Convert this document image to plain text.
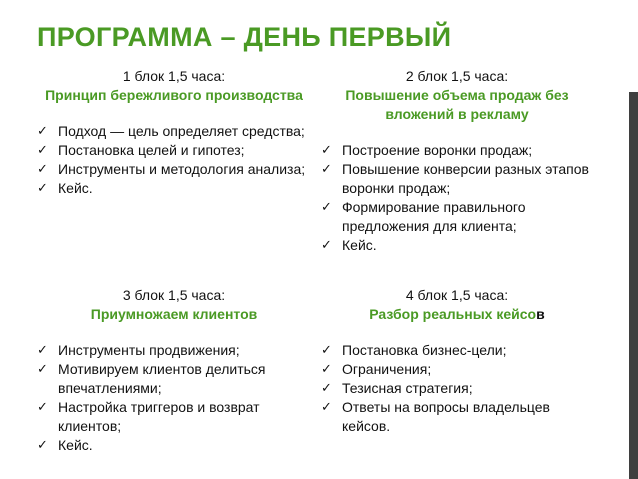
ПРОГРАММА – ДЕНЬ ПЕРВЫЙ
1 блок 1,5 часа:
Принцип бережливого производства
✓ Подход — цель определяет средства;
✓ Постановка целей и гипотез;
✓ Инструменты и методология анализа;
✓ Кейс.
2 блок 1,5 часа:
Повышение объема продаж без вложений в рекламу
✓ Построение воронки продаж;
✓ Повышение конверсии разных этапов воронки продаж;
✓ Формирование правильного предложения для клиента;
✓ Кейс.
3 блок 1,5 часа:
Приумножаем клиентов
✓ Инструменты продвижения;
✓ Мотивируем клиентов делиться впечатлениями;
✓ Настройка триггеров и возврат клиентов;
✓ Кейс.
4 блок 1,5 часа:
Разбор реальных кейсов
✓ Постановка бизнес-цели;
✓ Ограничения;
✓ Тезисная стратегия;
✓ Ответы на вопросы владельцев кейсов.
